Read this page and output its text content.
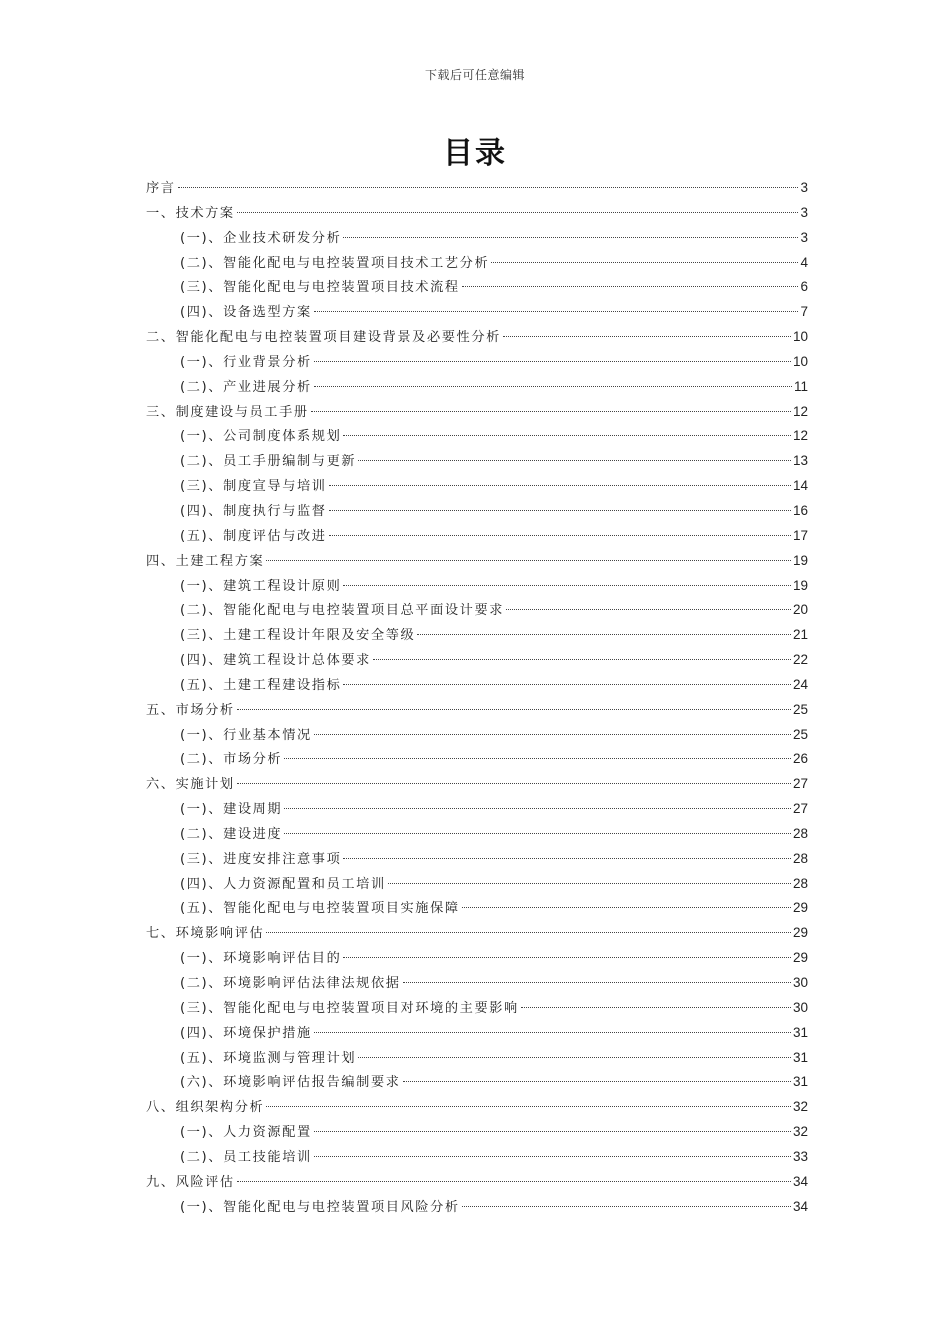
下载后可任意编辑
目录
序言	3
一、技术方案	3
(一)、企业技术研发分析	3
(二)、智能化配电与电控装置项目技术工艺分析	4
(三)、智能化配电与电控装置项目技术流程	6
(四)、设备选型方案	7
二、智能化配电与电控装置项目建设背景及必要性分析	10
(一)、行业背景分析	10
(二)、产业进展分析	11
三、制度建设与员工手册	12
(一)、公司制度体系规划	12
(二)、员工手册编制与更新	13
(三)、制度宣导与培训	14
(四)、制度执行与监督	16
(五)、制度评估与改进	17
四、土建工程方案	19
(一)、建筑工程设计原则	19
(二)、智能化配电与电控装置项目总平面设计要求	20
(三)、土建工程设计年限及安全等级	21
(四)、建筑工程设计总体要求	22
(五)、土建工程建设指标	24
五、市场分析	25
(一)、行业基本情况	25
(二)、市场分析	26
六、实施计划	27
(一)、建设周期	27
(二)、建设进度	28
(三)、进度安排注意事项	28
(四)、人力资源配置和员工培训	28
(五)、智能化配电与电控装置项目实施保障	29
七、环境影响评估	29
(一)、环境影响评估目的	29
(二)、环境影响评估法律法规依据	30
(三)、智能化配电与电控装置项目对环境的主要影响	30
(四)、环境保护措施	31
(五)、环境监测与管理计划	31
(六)、环境影响评估报告编制要求	31
八、组织架构分析	32
(一)、人力资源配置	32
(二)、员工技能培训	33
九、风险评估	34
(一)、智能化配电与电控装置项目风险分析	34
